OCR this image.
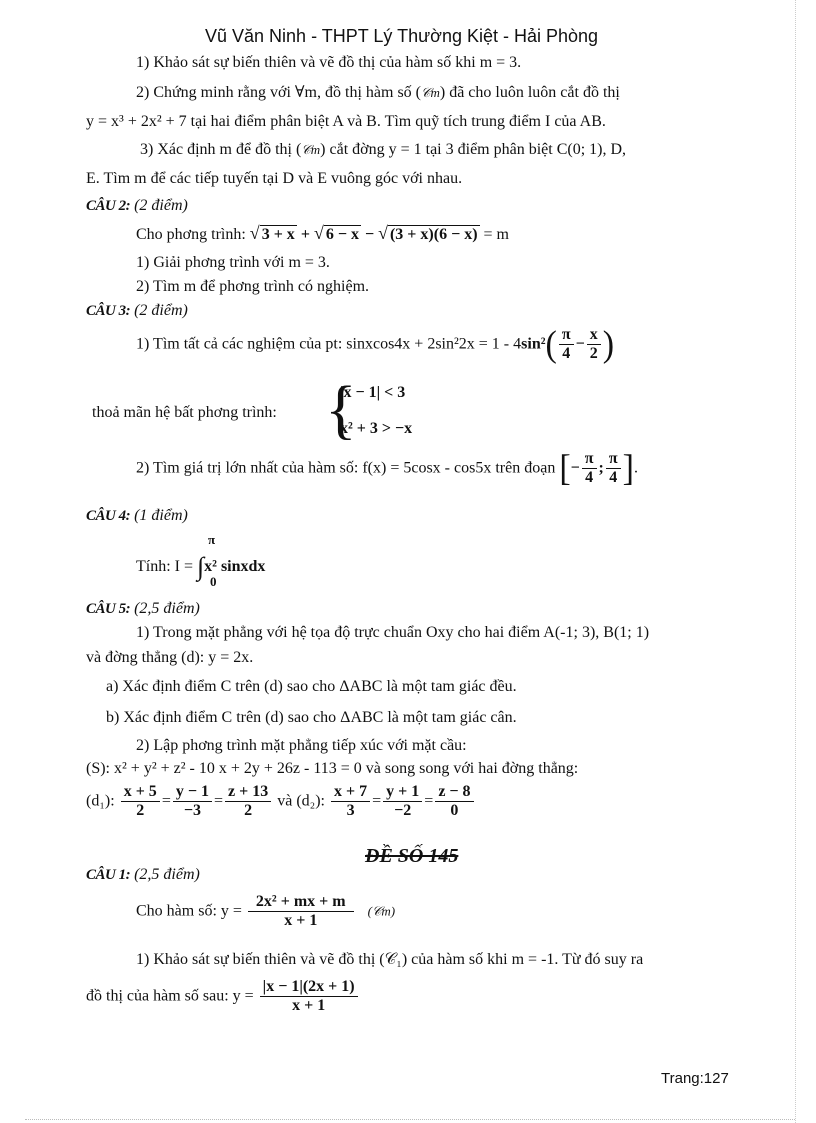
Vũ Văn Ninh - THPT Lý Thường Kiệt - Hải Phòng
1) Khảo sát sự biến thiên và vẽ đồ thị của hàm số khi m = 3.
2) Chứng minh rằng với ∀m, đồ thị hàm số (𝒞m) đã cho luôn luôn cắt đồ thị
y = x³ + 2x² + 7 tại hai điểm phân biệt A và B. Tìm quỹ tích trung điểm I của AB.
3) Xác định m để đồ thị (𝒞m) cắt đờng y = 1 tại 3 điểm phân biệt C(0; 1), D,
E. Tìm m để các tiếp tuyến tại D và E vuông góc với nhau.
CÂU 2: (2 điểm)
Cho phơng trình: √ 3 + x + √ 6 − x − √ (3 + x)(6 − x) = m
1) Giải phơng trình với m = 3.
2) Tìm m để phơng trình có nghiệm.
CÂU 3: (2 điểm)
1) Tìm tất cả các nghiệm của pt: sinxcos4x + $2\sin^22x = 1 - 4\sin^2( \frac{\pi}{4} - \frac{x}{2}$ )
thoả mãn hệ bất phơng trình: {
|x − 1| < 3
x² + 3 > −x
2) Tìm giá trị lớn nhất của hàm số: f(x) = 5cosx - cos5x trên đoạn [− $\frac{\pi}{4}$ ; $\frac{\pi}{4}$ ].
CÂU 4: (1 điểm)
π
Tính: I = ∫x² sinxdx
0
CÂU 5: (2,5 điểm)
1) Trong mặt phẳng với hệ tọa độ trực chuẩn Oxy cho hai điểm A(-1; 3), B(1; 1)
và đờng thẳng (d): y = 2x.
a) Xác định điểm C trên (d) sao cho ΔABC là một tam giác đều.
b) Xác định điểm C trên (d) sao cho ΔABC là một tam giác cân.
2) Lập phơng trình mặt phẳng tiếp xúc với mặt cầu:
(S): x² + y² + z² - 10 x + 2y + 26z - 113 = 0 và song song với hai đờng thẳng:
(d₁): $\frac{x + 5}{2} = \frac{y - 1}{-3} = \frac{z + 13}{2}$ và (d₂): $\frac{x + 7}{3} = \frac{y + 1}{-2} = \frac{z - 8}{0}$
ĐỀ SỐ 145
CÂU 1: (2,5 điểm)
Cho hàm số: $y = \frac{\text{2x² + mx + m}}{x + 1}$ (𝒞m)
1) Khảo sát sự biến thiên và vẽ đồ thị (𝒞₁) của hàm số khi m = -1. Từ đó suy ra
đồ thị của hàm số sau: $y = \frac{|x - 1|(2x + 1)}{x + 1}$
Trang:127
